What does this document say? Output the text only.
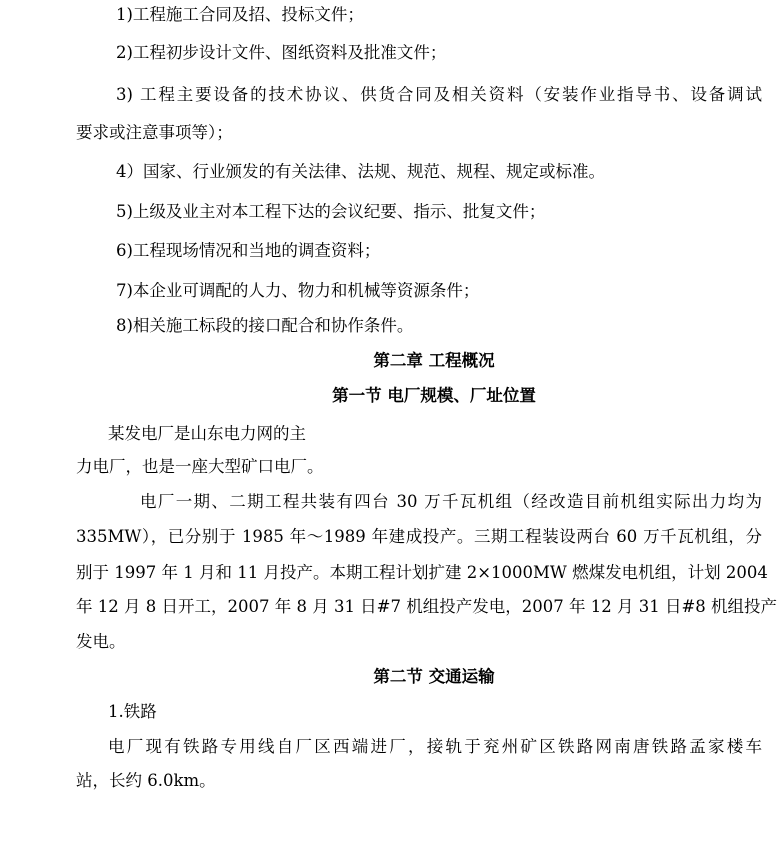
1)工程施工合同及招、投标文件；
2)工程初步设计文件、图纸资料及批准文件；
3) 工程主要设备的技术协议、供货合同及相关资料（安装作业指导书、设备调试
要求或注意事项等）；
4）国家、行业颁发的有关法律、法规、规范、规程、规定或标准。
5)上级及业主对本工程下达的会议纪要、指示、批复文件；
6)工程现场情况和当地的调查资料；
7)本企业可调配的人力、物力和机械等资源条件；
8)相关施工标段的接口配合和协作条件。
第二章 工程概况
第一节 电厂规模、厂址位置
某发电厂是山东电力网的主
力电厂，也是一座大型矿口电厂。
电厂一期、二期工程共装有四台 30 万千瓦机组（经改造目前机组实际出力均为
335MW），已分别于 1985 年～1989 年建成投产。三期工程装设两台 60 万千瓦机组，分
别于 1997 年 1 月和 11 月投产。本期工程计划扩建 2×1000MW 燃煤发电机组，计划 2004
年 12 月 8 日开工，2007 年 8 月 31 日#7 机组投产发电，2007 年 12 月 31 日#8 机组投产
发电。
第二节 交通运输
1.铁路
电厂现有铁路专用线自厂区西端进厂，接轨于兖州矿区铁路网南唐铁路孟家楼车
站，长约 6.0km。
